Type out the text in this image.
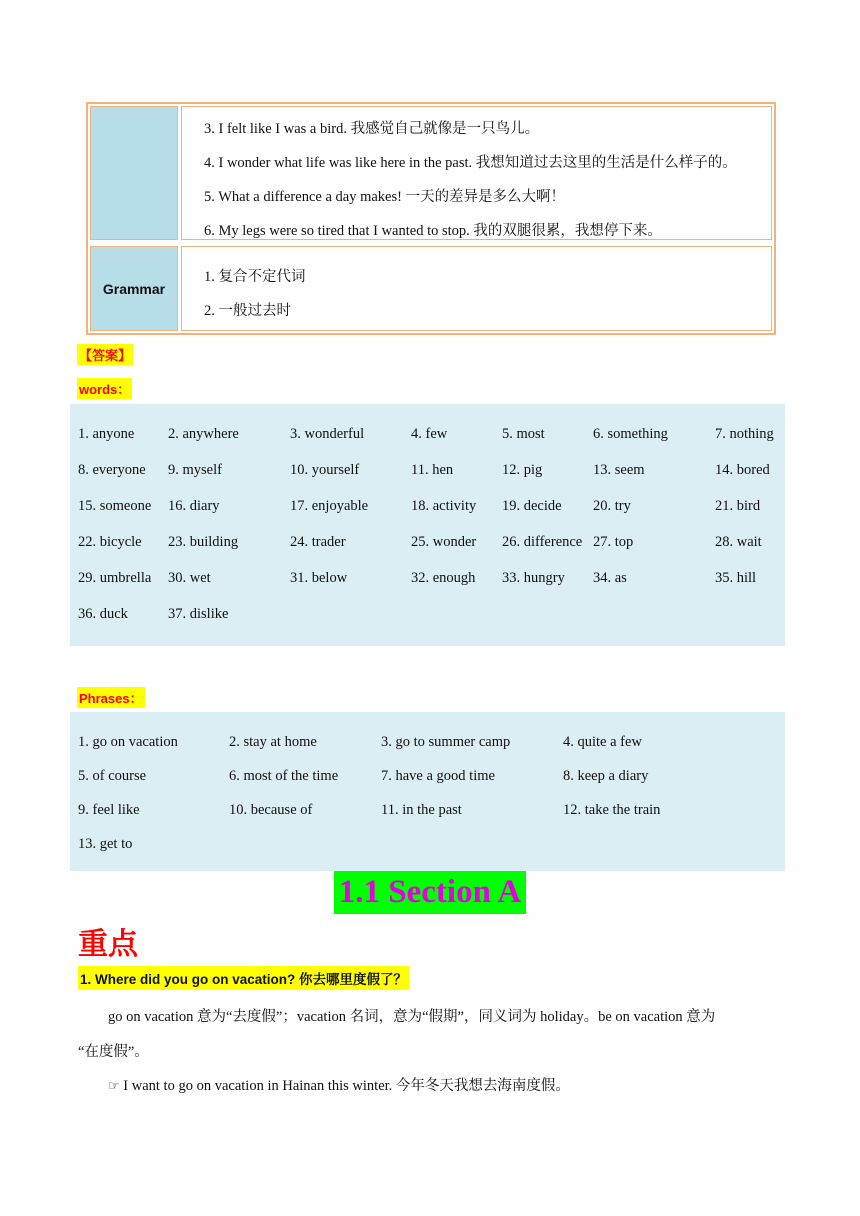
3. I felt like I was a bird. 我感觉自己就像是一只鸟儿。
4. I wonder what life was like here in the past. 我想知道过去这里的生活是什么样子的。
5. What a difference a day makes! 一天的差异是多么大啊！
6. My legs were so tired that I wanted to stop. 我的双腿很累，我想停下来。
Grammar
1. 复合不定代词
2. 一般过去时
【答案】
words：
1. anyone 2. anywhere	3. wonderful	4. few	5. most	6. something	7. nothing
8. everyone 9. myself	10. yourself	11. hen	12. pig	13. seem	14. bored
15. someone 16. diary	17. enjoyable	18. activity 19. decide 20. try	21. bird
22. bicycle 23. building	24. trader	25. wonder 26. difference 27. top	28. wait
29. umbrella 30. wet	31. below	32. enough 33. hungry 34. as	35. hill
36. duck	37. dislike
Phrases：
1. go on vacation	2. stay at home	3. go to summer camp	4. quite a few
5. of course	6. most of the time	7. have a good time	8. keep a diary
9. feel like	10. because of	11. in the past	12. take the train
13. get to
1.1 Section A
重点
1. Where did you go on vacation? 你去哪里度假了？
go on vacation 意为“去度假”；vacation 名词，意为“假期”，同义词为 holiday。be on vacation 意为
“在度假”。
☞ I want to go on vacation in Hainan this winter. 今年冬天我想去海南度假。
